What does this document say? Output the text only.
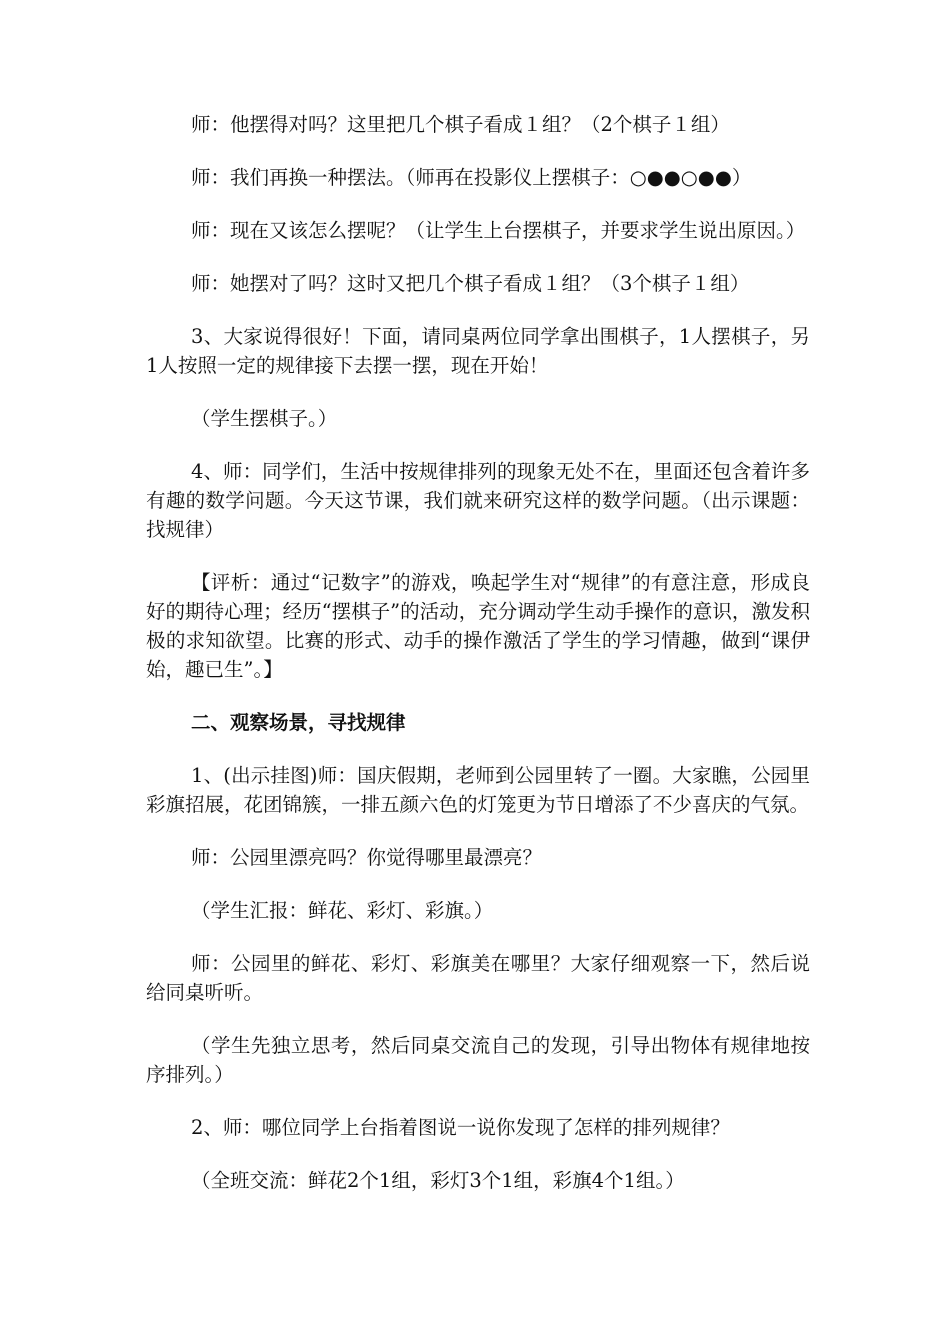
师：他摆得对吗？这里把几个棋子看成１组？（2个棋子１组）

师：我们再换一种摆法。（师再在投影仪上摆棋子：○●●○●●）

师：现在又该怎么摆呢？（让学生上台摆棋子，并要求学生说出原因。）

师：她摆对了吗？这时又把几个棋子看成１组？（3个棋子１组）

3、大家说得很好！下面，请同桌两位同学拿出围棋子，1人摆棋子，另1人按照一定的规律接下去摆一摆，现在开始！

（学生摆棋子。）

4、师：同学们，生活中按规律排列的现象无处不在，里面还包含着许多有趣的数学问题。今天这节课，我们就来研究这样的数学问题。（出示课题：找规律）

【评析：通过“记数字”的游戏，唤起学生对“规律”的有意注意，形成良好的期待心理；经历“摆棋子”的活动，充分调动学生动手操作的意识，激发积极的求知欲望。比赛的形式、动手的操作激活了学生的学习情趣，做到“课伊始，趣已生”。】

二、观察场景，寻找规律

1、(出示挂图)师：国庆假期，老师到公园里转了一圈。大家瞧，公园里彩旗招展，花团锦簇，一排五颜六色的灯笼更为节日增添了不少喜庆的气氛。

师：公园里漂亮吗？你觉得哪里最漂亮？

（学生汇报：鲜花、彩灯、彩旗。）

师：公园里的鲜花、彩灯、彩旗美在哪里？大家仔细观察一下，然后说给同桌听听。

（学生先独立思考，然后同桌交流自己的发现，引导出物体有规律地按序排列。）

2、师：哪位同学上台指着图说一说你发现了怎样的排列规律？

（全班交流：鲜花2个1组，彩灯3个1组，彩旗4个1组。）
